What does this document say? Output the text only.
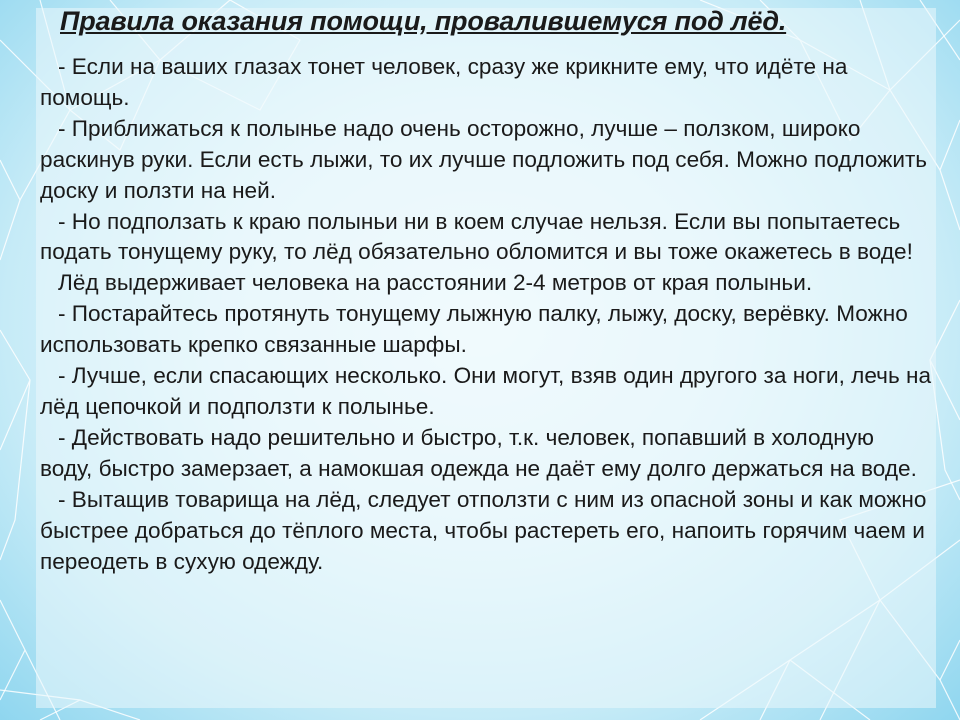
Правила оказания помощи, провалившемуся под лёд.

- Если на ваших глазах тонет человек, сразу же крикните ему, что идёте на помощь.

- Приближаться к полынье надо очень осторожно, лучше – ползком, широко раскинув руки. Если есть лыжи, то их лучше подложить под себя. Можно подложить доску и ползти на ней.

- Но подползать к краю полыньи ни в коем случае нельзя. Если вы попытаетесь подать тонущему руку, то лёд обязательно обломится и вы тоже окажетесь в воде!

Лёд выдерживает человека на расстоянии 2-4 метров от края полыньи.

- Постарайтесь протянуть тонущему лыжную палку, лыжу, доску, верёвку. Можно использовать крепко связанные шарфы.

- Лучше, если спасающих несколько. Они могут, взяв один другого за ноги, лечь на лёд цепочкой и подползти к полынье.

- Действовать надо решительно и быстро, т.к. человек, попавший в холодную воду, быстро замерзает, а намокшая одежда не даёт ему долго держаться на воде.

- Вытащив товарища на лёд, следует отползти с ним из опасной зоны и как можно быстрее добраться до тёплого места, чтобы растереть его, напоить горячим чаем и переодеть в сухую одежду.
